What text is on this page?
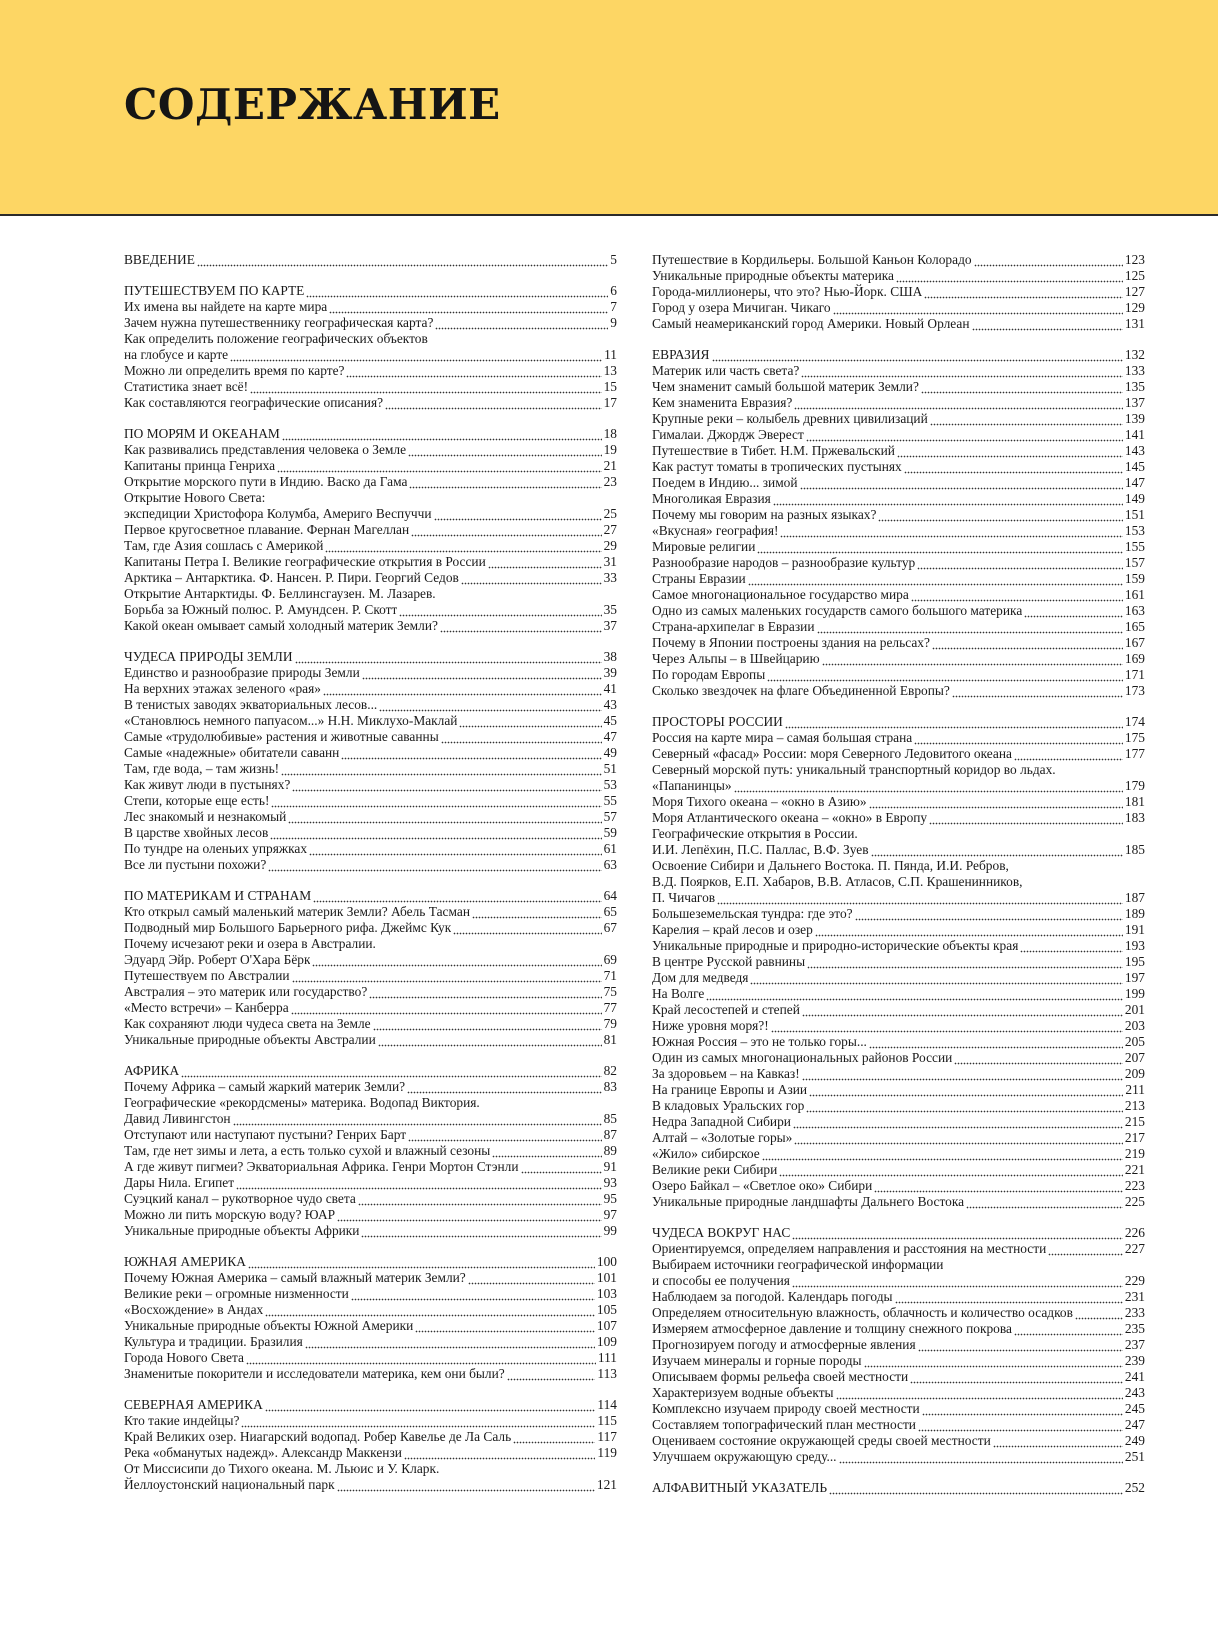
СОДЕРЖАНИЕ
ВВЕДЕНИЕ	5
ПУТЕШЕСТВУЕМ ПО КАРТЕ	6
Их имена вы найдете на карте мира	7
Зачем нужна путешественнику географическая карта?	9
Как определить положение географических объектов
на глобусе и карте	11
Можно ли определить время по карте?	13
Статистика знает всё!	15
Как составляются географические описания?	17
ПО МОРЯМ И ОКЕАНАМ	18
Как развивались представления человека о Земле	19
Капитаны принца Генриха	21
Открытие морского пути в Индию. Васко да Гама	23
Открытие Нового Света:
экспедиции Христофора Колумба, Америго Веспуччи	25
Первое кругосветное плавание. Фернан Магеллан	27
Там, где Азия сошлась с Америкой	29
Капитаны Петра I. Великие географические открытия в России	31
Арктика – Антарктика. Ф. Нансен. Р. Пири. Георгий Седов	33
Открытие Антарктиды. Ф. Беллинсгаузен. М. Лазарев.
Борьба за Южный полюс. Р. Амундсен. Р. Скотт	35
Какой океан омывает самый холодный материк Земли?	37
ЧУДЕСА ПРИРОДЫ ЗЕМЛИ	38
Единство и разнообразие природы Земли	39
На верхних этажах зеленого «рая»	41
В тенистых заводях экваториальных лесов...	43
«Становлюсь немного папуасом...» Н.Н. Миклухо-Маклай	45
Самые «трудолюбивые» растения и животные саванны	47
Самые «надежные» обитатели саванн	49
Там, где вода, – там жизнь!	51
Как живут люди в пустынях?	53
Степи, которые еще есть!	55
Лес знакомый и незнакомый	57
В царстве хвойных лесов	59
По тундре на оленьих упряжках	61
Все ли пустыни похожи?	63
ПО МАТЕРИКАМ И СТРАНАМ	64
Кто открыл самый маленький материк Земли? Абель Тасман	65
Подводный мир Большого Барьерного рифа. Джеймс Кук	67
Почему исчезают реки и озера в Австралии.
Эдуард Эйр. Роберт О'Хара Бёрк	69
Путешествуем по Австралии	71
Австралия – это материк или государство?	75
«Место встречи» – Канберра	77
Как сохраняют люди чудеса света на Земле	79
Уникальные природные объекты Австралии	81
АФРИКА	82
Почему Африка – самый жаркий материк Земли?	83
Географические «рекордсмены» материка. Водопад Виктория.
Давид Ливингстон	85
Отступают или наступают пустыни? Генрих Барт	87
Там, где нет зимы и лета, а есть только сухой и влажный сезоны	89
А где живут пигмеи? Экваториальная Африка. Генри Мортон Стэнли	91
Дары Нила. Египет	93
Суэцкий канал – рукотворное чудо света	95
Можно ли пить морскую воду? ЮАР	97
Уникальные природные объекты Африки	99
ЮЖНАЯ АМЕРИКА	100
Почему Южная Америка – самый влажный материк Земли?	101
Великие реки – огромные низменности	103
«Восхождение» в Андах	105
Уникальные природные объекты Южной Америки	107
Культура и традиции. Бразилия	109
Города Нового Света	111
Знаменитые покорители и исследователи материка, кем они были?	113
СЕВЕРНАЯ АМЕРИКА	114
Кто такие индейцы?	115
Край Великих озер. Ниагарский водопад. Робер Кавелье де Ла Саль	117
Река «обманутых надежд». Александр Маккензи	119
От Миссисипи до Тихого океана. М. Льюис и У. Кларк.
Йеллоустонский национальный парк	121
Путешествие в Кордильеры. Большой Каньон Колорадо	123
Уникальные природные объекты материка	125
Города-миллионеры, что это? Нью-Йорк. США	127
Город у озера Мичиган. Чикаго	129
Самый неамериканский город Америки. Новый Орлеан	131
ЕВРАЗИЯ	132
Материк или часть света?	133
Чем знаменит самый большой материк Земли?	135
Кем знаменита Евразия?	137
Крупные реки – колыбель древних цивилизаций	139
Гималаи. Джордж Эверест	141
Путешествие в Тибет. Н.М. Пржевальский	143
Как растут томаты в тропических пустынях	145
Поедем в Индию... зимой	147
Многоликая Евразия	149
Почему мы говорим на разных языках?	151
«Вкусная» география!	153
Мировые религии	155
Разнообразие народов – разнообразие культур	157
Страны Евразии	159
Самое многонациональное государство мира	161
Одно из самых маленьких государств самого большого материка	163
Страна-архипелаг в Евразии	165
Почему в Японии построены здания на рельсах?	167
Через Альпы – в Швейцарию	169
По городам Европы	171
Сколько звездочек на флаге Объединенной Европы?	173
ПРОСТОРЫ РОССИИ	174
Россия на карте мира – самая большая страна	175
Северный «фасад» России: моря Северного Ледовитого океана	177
Северный морской путь: уникальный транспортный коридор во льдах.
«Папанинцы»	179
Моря Тихого океана – «окно в Азию»	181
Моря Атлантического океана – «окно» в Европу	183
Географические открытия в России.
И.И. Лепёхин, П.С. Паллас, В.Ф. Зуев	185
Освоение Сибири и Дальнего Востока. П. Пянда, И.И. Ребров,
В.Д. Поярков, Е.П. Хабаров, В.В. Атласов, С.П. Крашенинников,
П. Чичагов	187
Большеземельская тундра: где это?	189
Карелия – край лесов и озер	191
Уникальные природные и природно-исторические объекты края	193
В центре Русской равнины	195
Дом для медведя	197
На Волге	199
Край лесостепей и степей	201
Ниже уровня моря?!	203
Южная Россия – это не только горы...	205
Один из самых многонациональных районов России	207
За здоровьем – на Кавказ!	209
На границе Европы и Азии	211
В кладовых Уральских гор	213
Недра Западной Сибири	215
Алтай – «Золотые горы»	217
«Жило» сибирское	219
Великие реки Сибири	221
Озеро Байкал – «Светлое око» Сибири	223
Уникальные природные ландшафты Дальнего Востока	225
ЧУДЕСА ВОКРУГ НАС	226
Ориентируемся, определяем направления и расстояния на местности	227
Выбираем источники географической информации
и способы ее получения	229
Наблюдаем за погодой. Календарь погоды	231
Определяем относительную влажность, облачность и количество осадков	233
Измеряем атмосферное давление и толщину снежного покрова	235
Прогнозируем погоду и атмосферные явления	237
Изучаем минералы и горные породы	239
Описываем формы рельефа своей местности	241
Характеризуем водные объекты	243
Комплексно изучаем природу своей местности	245
Составляем топографический план местности	247
Оцениваем состояние окружающей среды своей местности	249
Улучшаем окружающую среду...	251
АЛФАВИТНЫЙ УКАЗАТЕЛЬ	252
